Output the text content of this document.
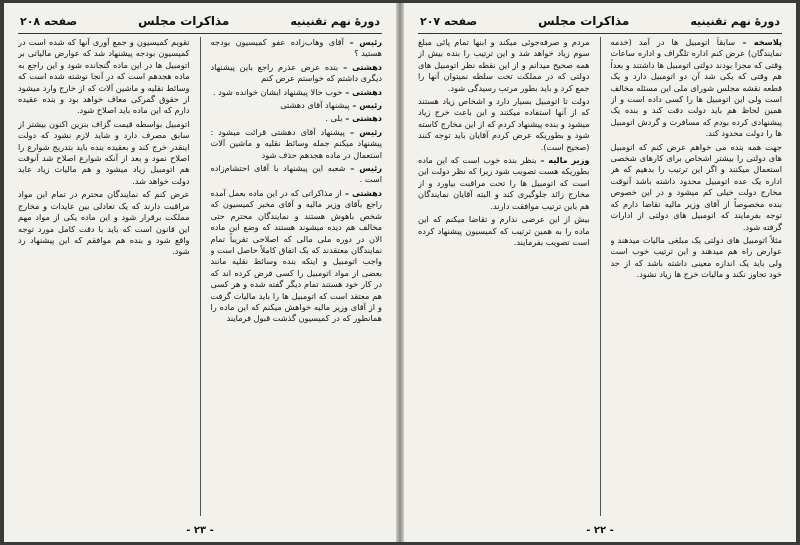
دورهٔ نهم تقنینیه
مذاکرات مجلس
صفحه ۲۰۸

رئیس – آقای وهاب‌زاده عفو کمیسیون بودجه هستید ؟

دهشتی – بنده عرض عذرم راجع باین پیشنهاد دیگری داشتم که خواستم عرض کنم

دهشتی – خوب حالا پیشنهاد ایشان خوانده شود .

رئیس – پیشنهاد آقای دهشتی

دهشتی – بلی .

رئیس – پیشنهاد آقای دهشتی قرائت میشود : پیشنهاد میکنم جمله وسائط نقلیه و ماشین آلات استعمال در ماده هجدهم حذف شود

رئیس – شعبه این پیشنهاد با آقای احتشام‌زاده است .

دهشتی – از مذاکراتی که در این ماده بعمل آمده راجع بآقای وزیر مالیه و آقای مخبر کمیسیون که شخص باهوش هستند و نمایندگان محترم حتی مخالف هم دیده میشوند هستند که وضع این ماده الان در دوره ملی مالی که اصلاحی تقریباً تمام نمایندگان معتقدند که یک اتفاق کاملاً حاصل است و واجب اتومبیل و اینکه بنده وسائط نقلیه مانند بعضی از مواد اتومبیل را کسی فرض کرده اند که در کار خود هستند تمام دیگر گفته شده و هر کسی هم معتقد است که اتومبیل ها را باید مالیات گرفت و از آقای وزیر مالیه خواهش میکنم که این ماده را همانطور که در کمیسیون گذشت قبول فرمایند

تقویم کمیسیون و جمع آوری آنها که شده است در کمیسیون بودجه پیشنهاد شد که عوارض مالیاتی بر اتومبیل ها در این ماده گنجانده شود و این راجع به ماده هجدهم است که در آنجا نوشته شده است که وسائط نقلیه و ماشین آلات که از خارج وارد میشود از حقوق گمرکی معاف خواهد بود و بنده عقیده دارم که این ماده باید اصلاح شود.

اتومبیل بواسطه قیمت گزاف بنزین اکنون بیشتر از سابق مصرف دارد و شاید لازم نشود که دولت اینقدر خرج کند و بعقیده بنده باید بتدریج شوارع را اصلاح نمود و بعد از آنکه شوارع اصلاح شد آنوقت هم اتومبیل زیاد میشود و هم مالیات زیاد عاید دولت خواهد شد.

عرض کنم که نمایندگان محترم در تمام این مواد مراقبت دارند که یک تعادلی بین عایدات و مخارج مملکت برقرار شود و این ماده یکی از مواد مهم این قانون است که باید با دقت کامل مورد توجه واقع شود و بنده هم موافقم که این پیشنهاد رد شود.

- ۲۳ -
دورهٔ نهم تقنینیه
مذاکرات مجلس
صفحه ۲۰۷

پلاسخه – سابقاً اتومبیل ها در آمد (خدمه نمایندگان) عرض کنم اداره تلگراف و اداره ساعات وقتی که مجزا بودند دولتی اتومبیل ها داشتند و بعداً هم وقتی که یکی شد آن دو اتومبیل دارد و یک قطعه نقشه مجلس شورای ملی این مسئله مخالف است ولی این اتومبیل ها را کسی داده است و از همین لحاظ هم باید دولت دقت کند و بنده یک پیشنهادی کرده بودم که مسافرت و گردش اتومبیل ها را دولت محدود کند.

جهت همه بنده می خواهم عرض کنم که اتومبیل های دولتی را بیشتر اشخاص برای کارهای شخصی استعمال میکنند و اگر این ترتیب را بدهیم که هر اداره یک عده اتومبیل محدود داشته باشد آنوقت مخارج دولت خیلی کم میشود و در این خصوص بنده مخصوصاً از آقای وزیر مالیه تقاضا دارم که توجه بفرمایند که اتومبیل های دولتی از ادارات گرفته شود.

مثلاً اتومبیل های دولتی یک مبلغی مالیات میدهند و عوارض راه هم میدهند و این ترتیب خوب است ولی باید یک اندازه معینی داشته باشد که از حد خود تجاوز نکند و مالیات خرج ها زیاد نشود.

مردم و صرفه‌جوئی میکند و ابنها تمام پائی مبلغ سوم زیاد خواهد شد و این ترتیب را بنده بیش از همه صحیح میدانم و از این نقطه نظر اتومبیل های دولتی که در مملکت تحت سلطه نمیتوان آنها را جمع کرد و باید بطور مرتب رسیدگی شود.

دولت تا اتومبیل بسیار دارد و اشخاص زیاد هستند که از آنها استفاده میکنند و این باعث خرج زیاد میشود و بنده پیشنهاد کردم که از این مخارج کاسته شود و بطوریکه عرض کردم آقایان باید توجه کنند (صحیح است).

وزیر مالیه – بنظر بنده خوب است که این ماده بطوریکه هست تصویب شود زیرا که نظر دولت این است که اتومبیل ها را تحت مراقبت بیاورد و از مخارج زائد جلوگیری کند و البته آقایان نمایندگان هم باین ترتیب موافقت دارند.

بیش از این عرضی ندارم و تقاضا میکنم که این ماده را به همین ترتیب که کمیسیون پیشنهاد کرده است تصویب بفرمایند.

- ۲۲ -
